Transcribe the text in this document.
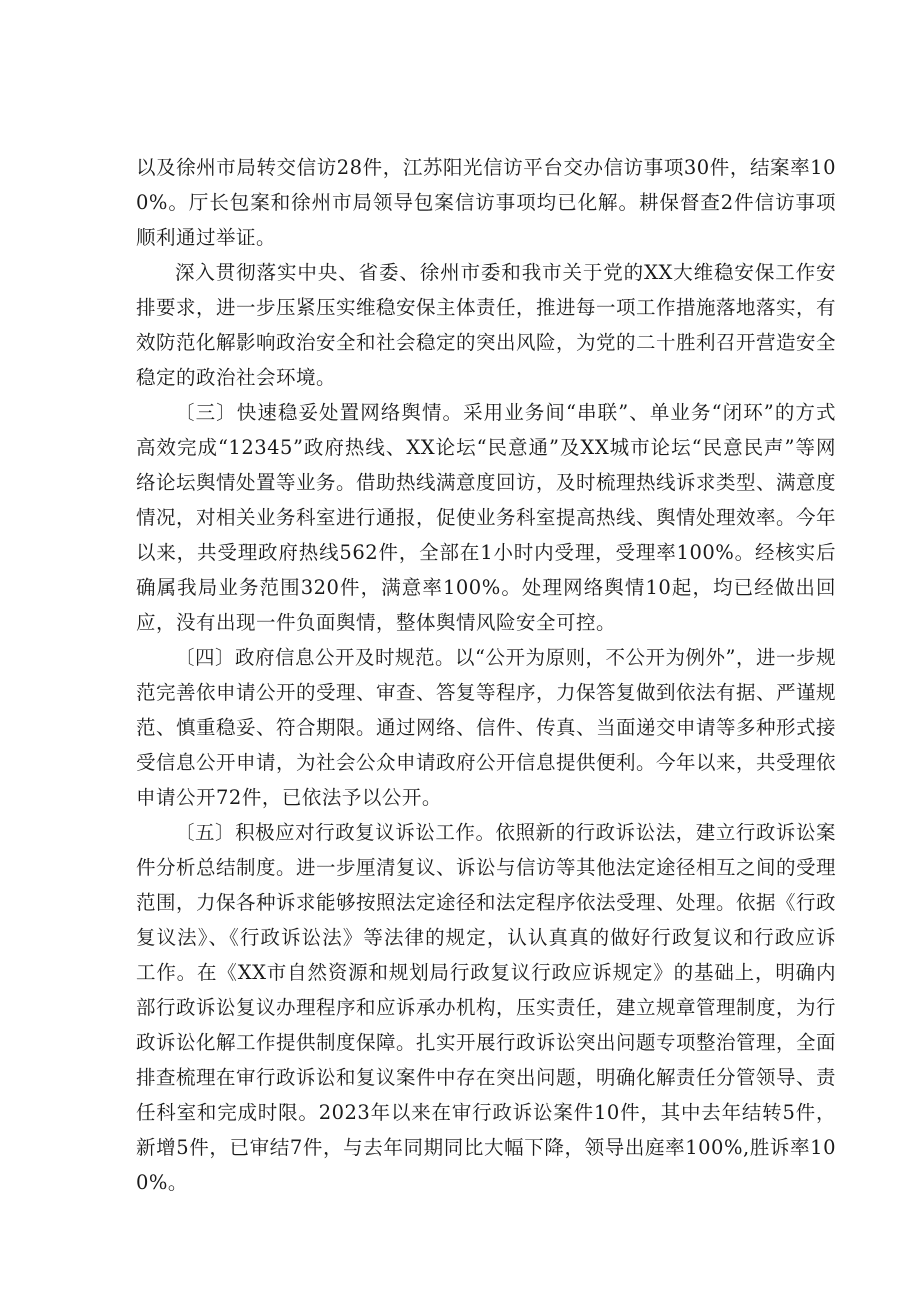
以及徐州市局转交信访28件，江苏阳光信访平台交办信访事项30件，结案率100%。厅长包案和徐州市局领导包案信访事项均已化解。耕保督查2件信访事项顺利通过举证。

深入贯彻落实中央、省委、徐州市委和我市关于党的XX大维稳安保工作安排要求，进一步压紧压实维稳安保主体责任，推进每一项工作措施落地落实，有效防范化解影响政治安全和社会稳定的突出风险，为党的二十胜利召开营造安全稳定的政治社会环境。

〔三〕快速稳妥处置网络舆情。采用业务间“串联”、单业务“闭环”的方式高效完成“12345”政府热线、XX论坛“民意通”及XX城市论坛“民意民声”等网络论坛舆情处置等业务。借助热线满意度回访，及时梳理热线诉求类型、满意度情况，对相关业务科室进行通报，促使业务科室提高热线、舆情处理效率。今年以来，共受理政府热线562件，全部在1小时内受理，受理率100%。经核实后确属我局业务范围320件，满意率100%。处理网络舆情10起，均已经做出回应，没有出现一件负面舆情，整体舆情风险安全可控。

〔四〕政府信息公开及时规范。以“公开为原则，不公开为例外”，进一步规范完善依申请公开的受理、审查、答复等程序，力保答复做到依法有据、严谨规范、慎重稳妥、符合期限。通过网络、信件、传真、当面递交申请等多种形式接受信息公开申请，为社会公众申请政府公开信息提供便利。今年以来，共受理依申请公开72件，已依法予以公开。

〔五〕积极应对行政复议诉讼工作。依照新的行政诉讼法，建立行政诉讼案件分析总结制度。进一步厘清复议、诉讼与信访等其他法定途径相互之间的受理范围，力保各种诉求能够按照法定途径和法定程序依法受理、处理。依据《行政复议法》、《行政诉讼法》等法律的规定，认认真真的做好行政复议和行政应诉工作。在《XX市自然资源和规划局行政复议行政应诉规定》的基础上，明确内部行政诉讼复议办理程序和应诉承办机构，压实责任，建立规章管理制度，为行政诉讼化解工作提供制度保障。扎实开展行政诉讼突出问题专项整治管理，全面排查梳理在审行政诉讼和复议案件中存在突出问题，明确化解责任分管领导、责任科室和完成时限。2023年以来在审行政诉讼案件10件，其中去年结转5件，新增5件，已审结7件，与去年同期同比大幅下降，领导出庭率100%,胜诉率100%。
